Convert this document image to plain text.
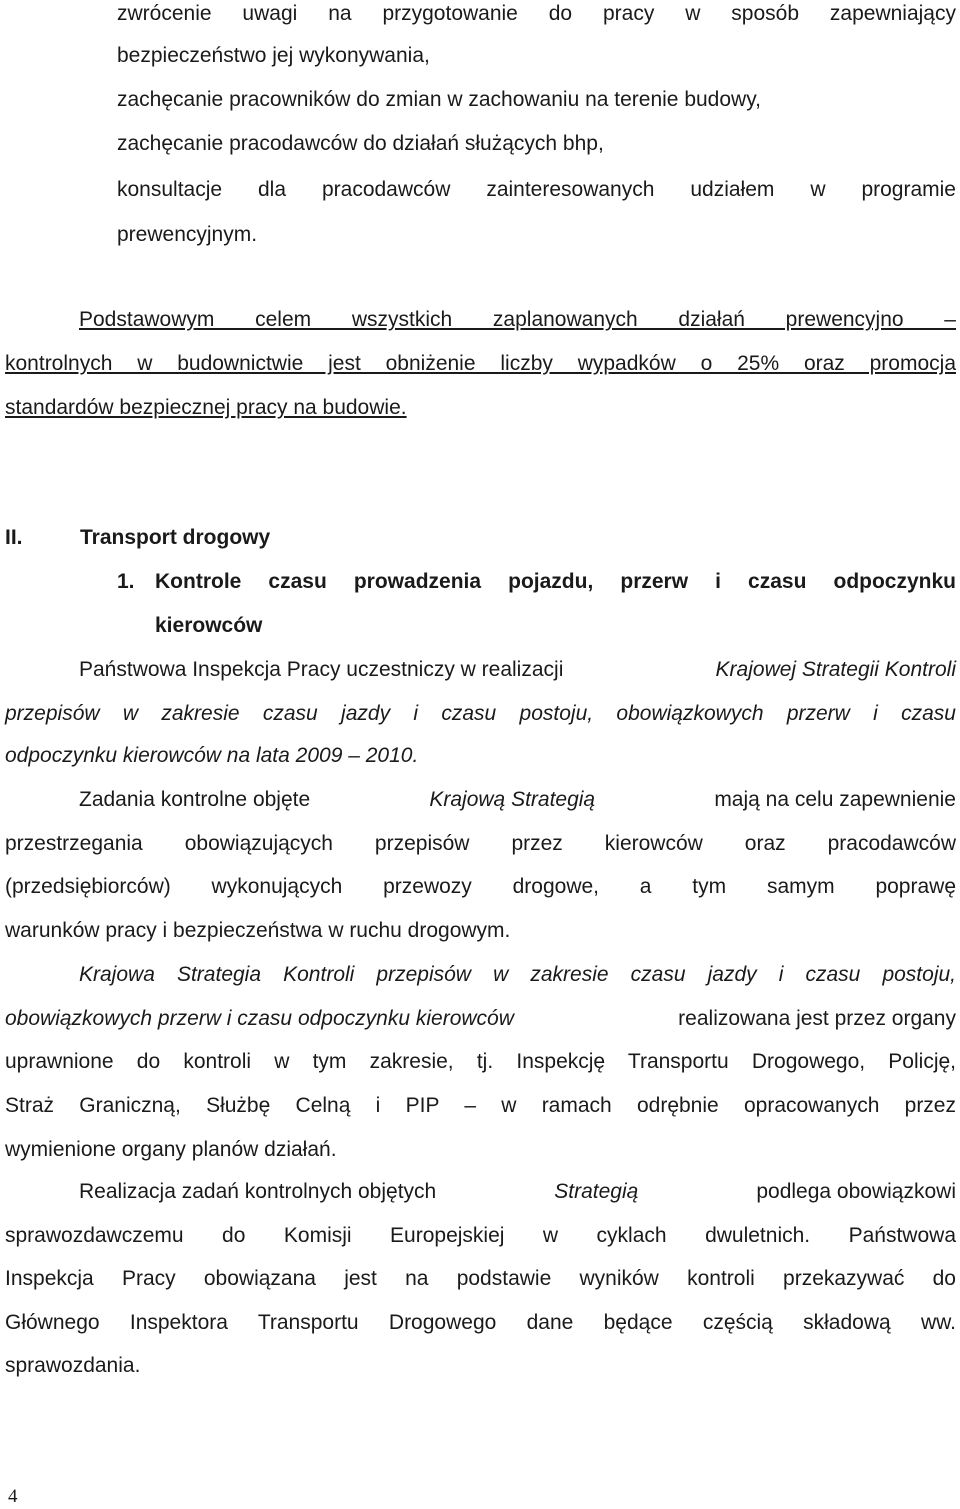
zwrócenie uwagi na przygotowanie do pracy w sposób zapewniający
bezpieczeństwo jej wykonywania,
zachęcanie pracowników do zmian w zachowaniu na terenie budowy,
zachęcanie pracodawców do działań służących bhp,
konsultacje dla pracodawców zainteresowanych udziałem w programie
prewencyjnym.
Podstawowym celem wszystkich zaplanowanych działań prewencyjno –
kontrolnych w budownictwie jest obniżenie liczby wypadków o 25% oraz promocja
standardów bezpiecznej pracy na budowie.
II.	Transport drogowy
1. Kontrole czasu prowadzenia pojazdu, przerw i czasu odpoczynku
kierowców
Państwowa Inspekcja Pracy uczestniczy w realizacji	Krajowej Strategii Kontroli
przepisów w zakresie czasu jazdy i czasu postoju, obowiązkowych przerw i czasu
odpoczynku kierowców na lata 2009 – 2010.
Zadania kontrolne objęte	Krajową Strategią	mają na celu zapewnienie
przestrzegania obowiązujących przepisów przez kierowców oraz pracodawców
(przedsiębiorców) wykonujących przewozy drogowe, a tym samym poprawę
warunków pracy i bezpieczeństwa w ruchu drogowym.
Krajowa Strategia Kontroli przepisów w zakresie czasu jazdy i czasu postoju,
obowiązkowych przerw i czasu odpoczynku kierowców	realizowana jest przez organy
uprawnione do kontroli w tym zakresie, tj. Inspekcję Transportu Drogowego, Policję,
Straż Graniczną, Służbę Celną i PIP – w ramach odrębnie opracowanych przez
wymienione organy planów działań.
Realizacja zadań kontrolnych objętych	Strategią	podlega obowiązkowi
sprawozdawczemu do Komisji Europejskiej w cyklach dwuletnich. Państwowa
Inspekcja Pracy obowiązana jest na podstawie wyników kontroli przekazywać do
Głównego Inspektora Transportu Drogowego dane będące częścią składową ww.
sprawozdania.
4
